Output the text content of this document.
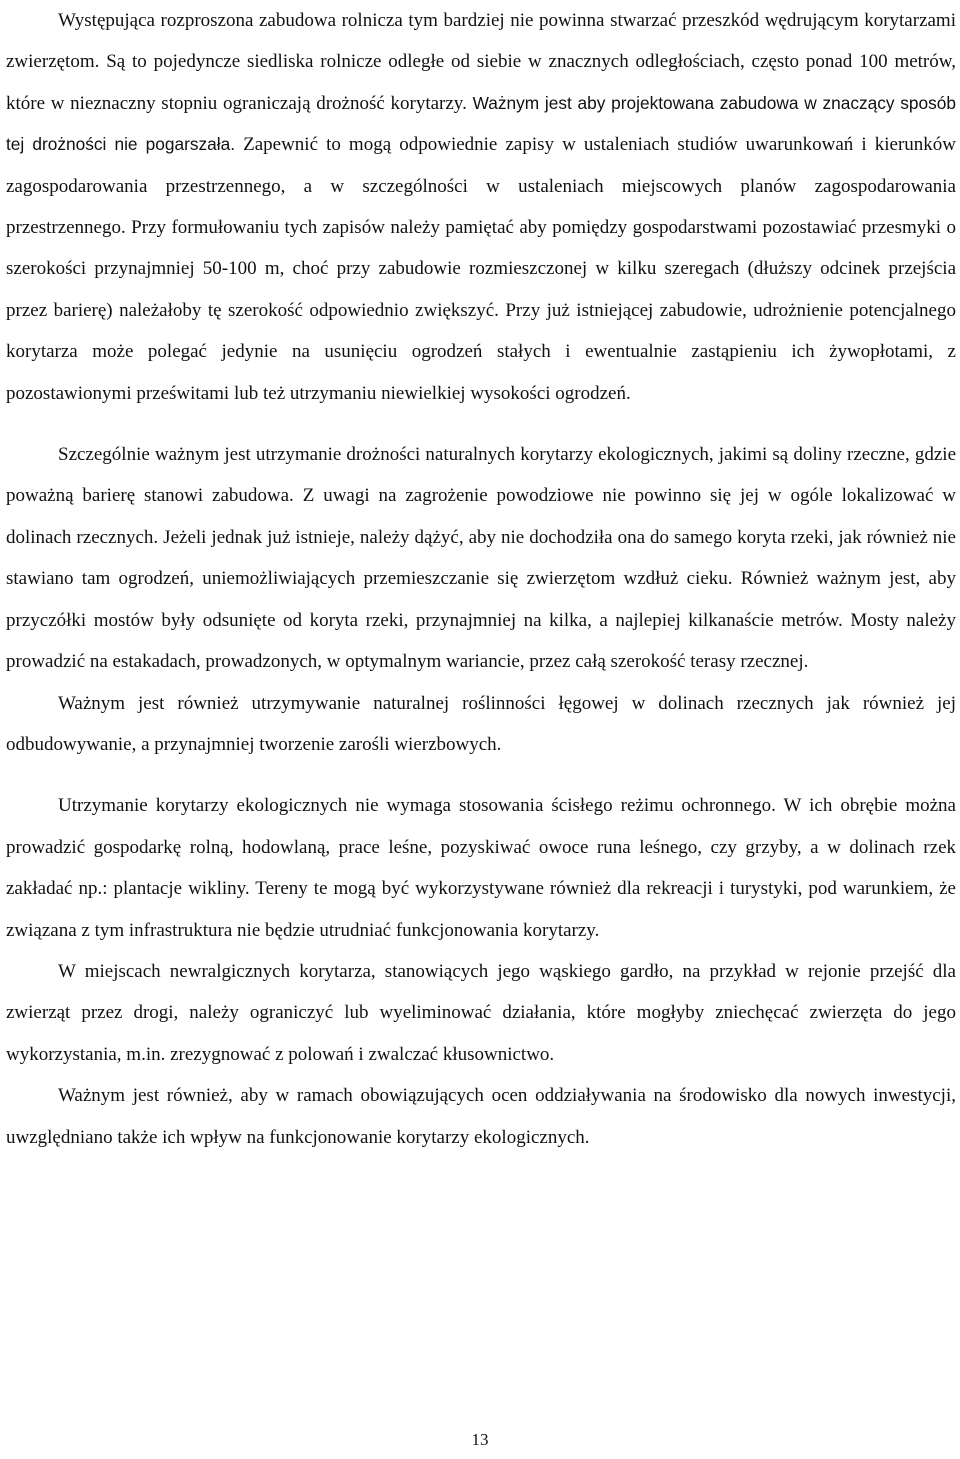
Występująca rozproszona zabudowa rolnicza tym bardziej nie powinna stwarzać przeszkód wędrującym korytarzami zwierzętom. Są to pojedyncze siedliska rolnicze odległe od siebie w znacznych odległościach, często ponad 100 metrów, które w nieznaczny stopniu ograniczają drożność korytarzy. Ważnym jest aby projektowana zabudowa w znaczący sposób tej drożności nie pogarszała. Zapewnić to mogą odpowiednie zapisy w ustaleniach studiów uwarunkowań i kierunków zagospodarowania przestrzennego, a w szczególności w ustaleniach miejscowych planów zagospodarowania przestrzennego. Przy formułowaniu tych zapisów należy pamiętać aby pomiędzy gospodarstwami pozostawiać przesmyki o szerokości przynajmniej 50-100 m, choć przy zabudowie rozmieszczonej w kilku szeregach (dłuższy odcinek przejścia przez barierę) należałoby tę szerokość odpowiednio zwiększyć. Przy już istniejącej zabudowie, udrożnienie potencjalnego korytarza może polegać jedynie na usunięciu ogrodzeń stałych i ewentualnie zastąpieniu ich żywopłotami, z pozostawionymi prześwitami lub też utrzymaniu niewielkiej wysokości ogrodzeń.

Szczególnie ważnym jest utrzymanie drożności naturalnych korytarzy ekologicznych, jakimi są doliny rzeczne, gdzie poważną barierę stanowi zabudowa. Z uwagi na zagrożenie powodziowe nie powinno się jej w ogóle lokalizować w dolinach rzecznych. Jeżeli jednak już istnieje, należy dążyć, aby nie dochodziła ona do samego koryta rzeki, jak również nie stawiano tam ogrodzeń, uniemożliwiających przemieszczanie się zwierzętom wzdłuż cieku. Również ważnym jest, aby przyczółki mostów były odsunięte od koryta rzeki, przynajmniej na kilka, a najlepiej kilkanaście metrów. Mosty należy prowadzić na estakadach, prowadzonych, w optymalnym wariancie, przez całą szerokość terasy rzecznej.

Ważnym jest również utrzymywanie naturalnej roślinności łęgowej w dolinach rzecznych jak również jej odbudowywanie, a przynajmniej tworzenie zarośli wierzbowych.

Utrzymanie korytarzy ekologicznych nie wymaga stosowania ścisłego reżimu ochronnego. W ich obrębie można prowadzić gospodarkę rolną, hodowlaną, prace leśne, pozyskiwać owoce runa leśnego, czy grzyby, a w dolinach rzek zakładać np.: plantacje wikliny. Tereny te mogą być wykorzystywane również dla rekreacji i turystyki, pod warunkiem, że związana z tym infrastruktura nie będzie utrudniać funkcjonowania korytarzy.

W miejscach newralgicznych korytarza, stanowiących jego wąskiego gardło, na przykład w rejonie przejść dla zwierząt przez drogi, należy ograniczyć lub wyeliminować działania, które mogłyby zniechęcać zwierzęta do jego wykorzystania, m.in. zrezygnować z polowań i zwalczać kłusownictwo.

Ważnym jest również, aby w ramach obowiązujących ocen oddziaływania na środowisko dla nowych inwestycji, uwzględniano także ich wpływ na funkcjonowanie korytarzy ekologicznych.

13
